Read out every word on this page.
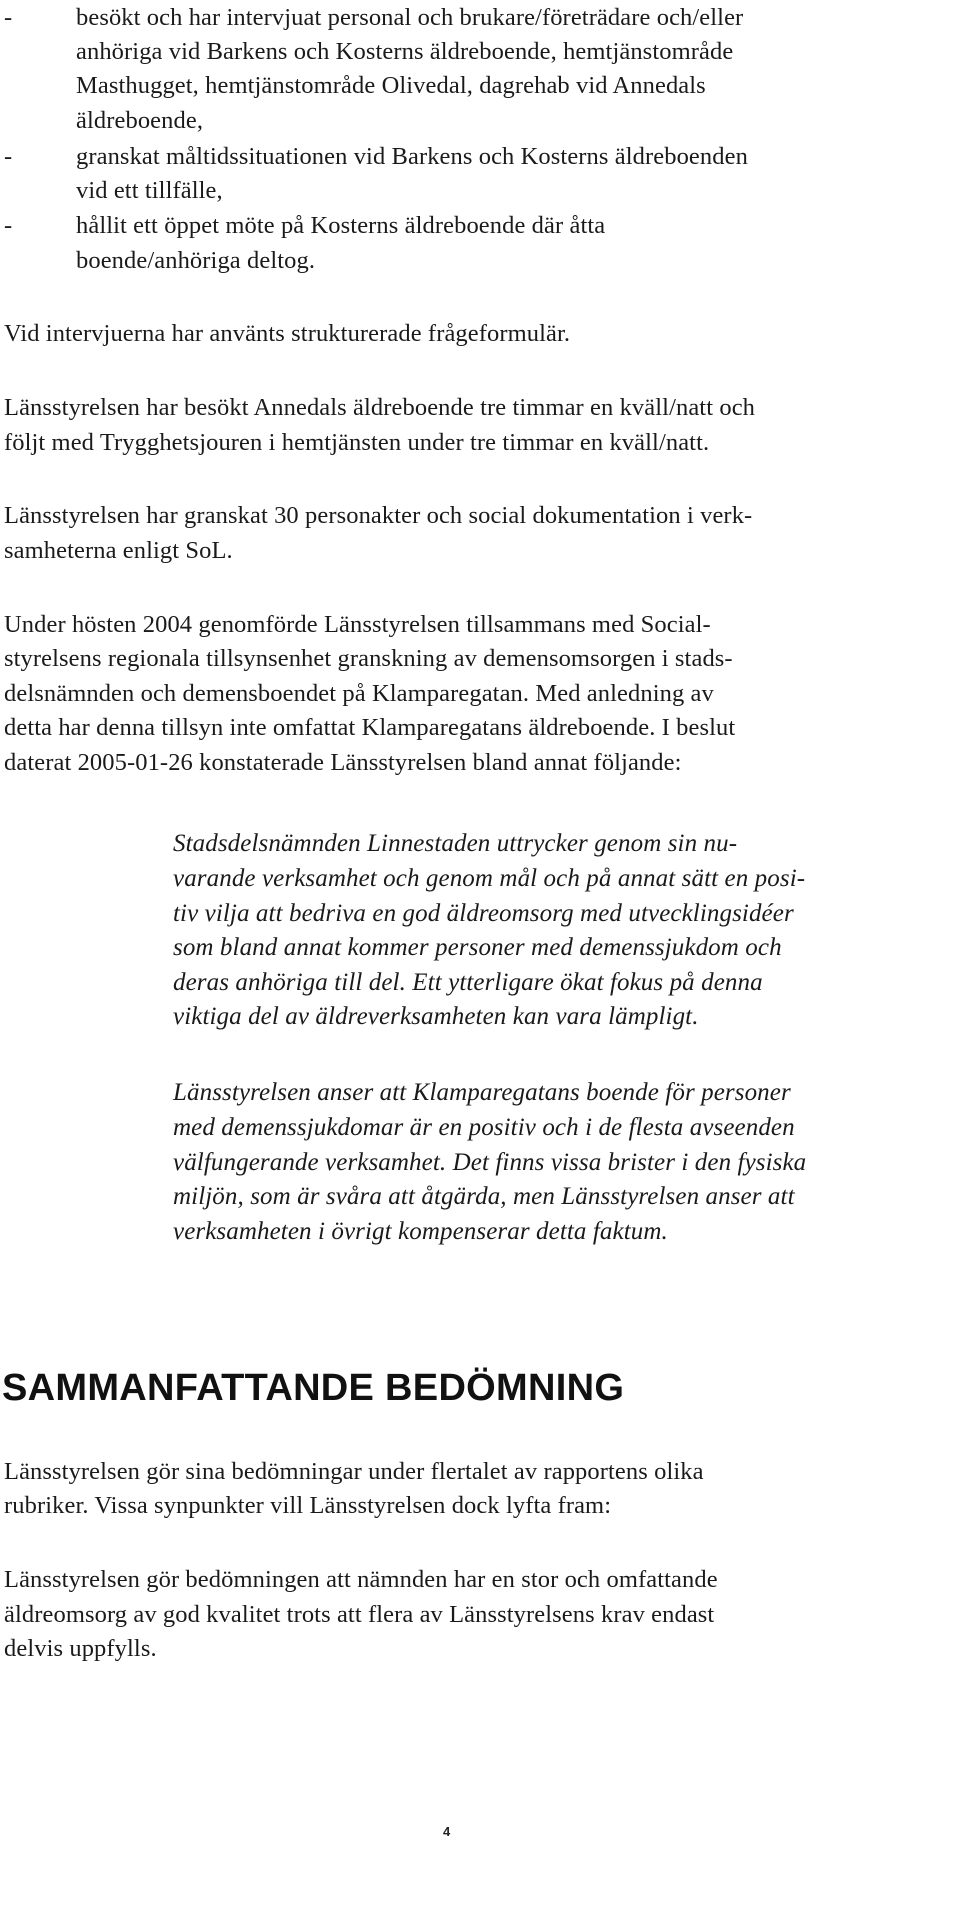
-	besökt och har intervjuat personal och brukare/företrädare och/eller
anhöriga vid Barkens och Kosterns äldreboende, hemtjänstområde
Masthugget, hemtjänstområde Olivedal, dagrehab vid Annedals
äldreboende,
-	granskat måltidssituationen vid Barkens och Kosterns äldreboenden
vid ett tillfälle,
-	hållit ett öppet möte på Kosterns äldreboende där åtta
boende/anhöriga deltog.
Vid intervjuerna har använts strukturerade frågeformulär.
Länsstyrelsen har besökt Annedals äldreboende tre timmar en kväll/natt och
följt med Trygghetsjouren i hemtjänsten under tre timmar en kväll/natt.
Länsstyrelsen har granskat 30 personakter och social dokumentation i verk-
samheterna enligt SoL.
Under hösten 2004 genomförde Länsstyrelsen tillsammans med Social-
styrelsens regionala tillsynsenhet granskning av demensomsorgen i stads-
delsnämnden och demensboendet på Klamparegatan. Med anledning av
detta har denna tillsyn inte omfattat Klamparegatans äldreboende. I beslut
daterat 2005-01-26 konstaterade Länsstyrelsen bland annat följande:
Stadsdelsnämnden Linnestaden uttrycker genom sin nu-
varande verksamhet och genom mål och på annat sätt en posi-
tiv vilja att bedriva en god äldreomsorg med utvecklingsidéer
som bland annat kommer personer med demenssjukdom och
deras anhöriga till del. Ett ytterligare ökat fokus på denna
viktiga del av äldreverksamheten kan vara lämpligt.
Länsstyrelsen anser att Klamparegatans boende för personer
med demenssjukdomar är en positiv och i de flesta avseenden
välfungerande verksamhet. Det finns vissa brister i den fysiska
miljön, som är svåra att åtgärda, men Länsstyrelsen anser att
verksamheten i övrigt kompenserar detta faktum.
SAMMANFATTANDE BEDÖMNING
Länsstyrelsen gör sina bedömningar under flertalet av rapportens olika
rubriker. Vissa synpunkter vill Länsstyrelsen dock lyfta fram:
Länsstyrelsen gör bedömningen att nämnden har en stor och omfattande
äldreomsorg av god kvalitet trots att flera av Länsstyrelsens krav endast
delvis uppfylls.
4
